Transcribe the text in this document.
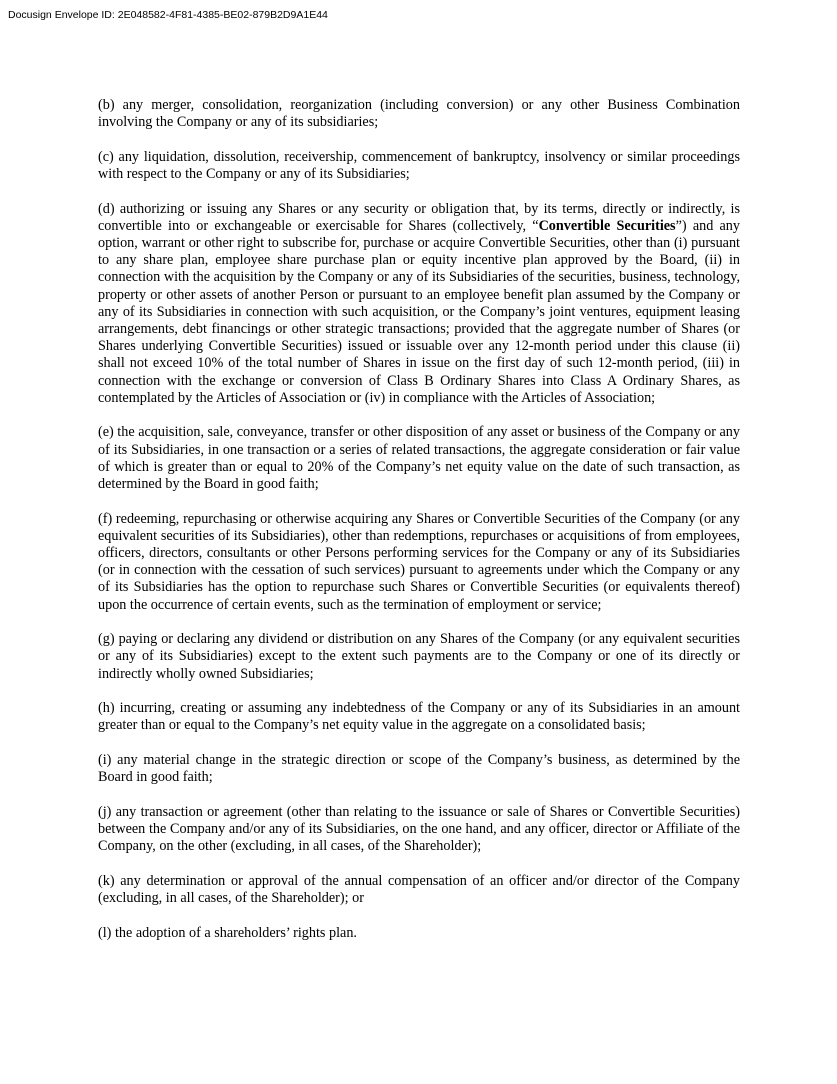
Docusign Envelope ID: 2E048582-4F81-4385-BE02-879B2D9A1E44

(b) any merger, consolidation, reorganization (including conversion) or any other Business Combination involving the Company or any of its subsidiaries;

(c) any liquidation, dissolution, receivership, commencement of bankruptcy, insolvency or similar proceedings with respect to the Company or any of its Subsidiaries;

(d) authorizing or issuing any Shares or any security or obligation that, by its terms, directly or indirectly, is convertible into or exchangeable or exercisable for Shares (collectively, “Convertible Securities”) and any option, warrant or other right to subscribe for, purchase or acquire Convertible Securities, other than (i) pursuant to any share plan, employee share purchase plan or equity incentive plan approved by the Board, (ii) in connection with the acquisition by the Company or any of its Subsidiaries of the securities, business, technology, property or other assets of another Person or pursuant to an employee benefit plan assumed by the Company or any of its Subsidiaries in connection with such acquisition, or the Company’s joint ventures, equipment leasing arrangements, debt financings or other strategic transactions; provided that the aggregate number of Shares (or Shares underlying Convertible Securities) issued or issuable over any 12-month period under this clause (ii) shall not exceed 10% of the total number of Shares in issue on the first day of such 12-month period, (iii) in connection with the exchange or conversion of Class B Ordinary Shares into Class A Ordinary Shares, as contemplated by the Articles of Association or (iv) in compliance with the Articles of Association;

(e) the acquisition, sale, conveyance, transfer or other disposition of any asset or business of the Company or any of its Subsidiaries, in one transaction or a series of related transactions, the aggregate consideration or fair value of which is greater than or equal to 20% of the Company’s net equity value on the date of such transaction, as determined by the Board in good faith;

(f) redeeming, repurchasing or otherwise acquiring any Shares or Convertible Securities of the Company (or any equivalent securities of its Subsidiaries), other than redemptions, repurchases or acquisitions of from employees, officers, directors, consultants or other Persons performing services for the Company or any of its Subsidiaries (or in connection with the cessation of such services) pursuant to agreements under which the Company or any of its Subsidiaries has the option to repurchase such Shares or Convertible Securities (or equivalents thereof) upon the occurrence of certain events, such as the termination of employment or service;

(g) paying or declaring any dividend or distribution on any Shares of the Company (or any equivalent securities or any of its Subsidiaries) except to the extent such payments are to the Company or one of its directly or indirectly wholly owned Subsidiaries;

(h) incurring, creating or assuming any indebtedness of the Company or any of its Subsidiaries in an amount greater than or equal to the Company’s net equity value in the aggregate on a consolidated basis;

(i) any material change in the strategic direction or scope of the Company’s business, as determined by the Board in good faith;

(j) any transaction or agreement (other than relating to the issuance or sale of Shares or Convertible Securities) between the Company and/or any of its Subsidiaries, on the one hand, and any officer, director or Affiliate of the Company, on the other (excluding, in all cases, of the Shareholder);

(k) any determination or approval of the annual compensation of an officer and/or director of the Company (excluding, in all cases, of the Shareholder); or

(l) the adoption of a shareholders’ rights plan.
